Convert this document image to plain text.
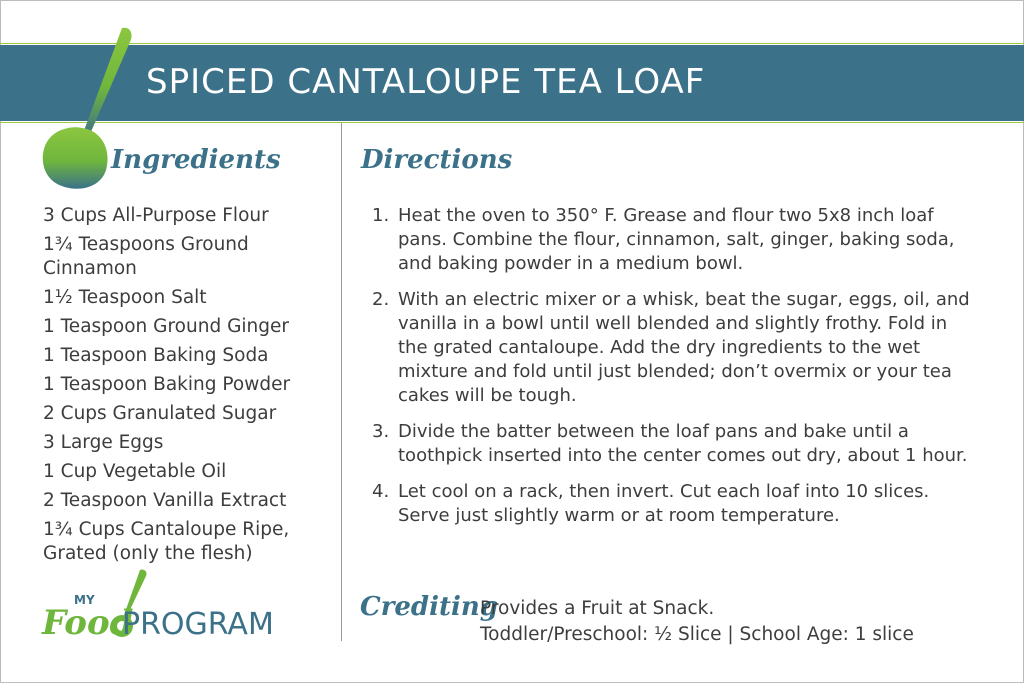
SPICED CANTALOUPE TEA LOAF
Ingredients	Directions
3 Cups All-Purpose Flour
1¾ Teaspoons Ground Cinnamon
1½ Teaspoon Salt
1 Teaspoon Ground Ginger
1 Teaspoon Baking Soda
1 Teaspoon Baking Powder
2 Cups Granulated Sugar
3 Large Eggs
1 Cup Vegetable Oil
2 Teaspoon Vanilla Extract
1¾ Cups Cantaloupe Ripe, Grated (only the flesh)
1. Heat the oven to 350° F. Grease and flour two 5x8 inch loaf pans. Combine the flour, cinnamon, salt, ginger, baking soda, and baking powder in a medium bowl.
2. With an electric mixer or a whisk, beat the sugar, eggs, oil, and vanilla in a bowl until well blended and slightly frothy. Fold in the grated cantaloupe. Add the dry ingredients to the wet mixture and fold until just blended; don’t overmix or your tea cakes will be tough.
3. Divide the batter between the loaf pans and bake until a toothpick inserted into the center comes out dry, about 1 hour.
4. Let cool on a rack, then invert. Cut each loaf into 10 slices. Serve just slightly warm or at room temperature.
Crediting
Provides a Fruit at Snack.
Toddler/Preschool: ½ Slice | School Age: 1 slice
MY
Food
PROGRAM
